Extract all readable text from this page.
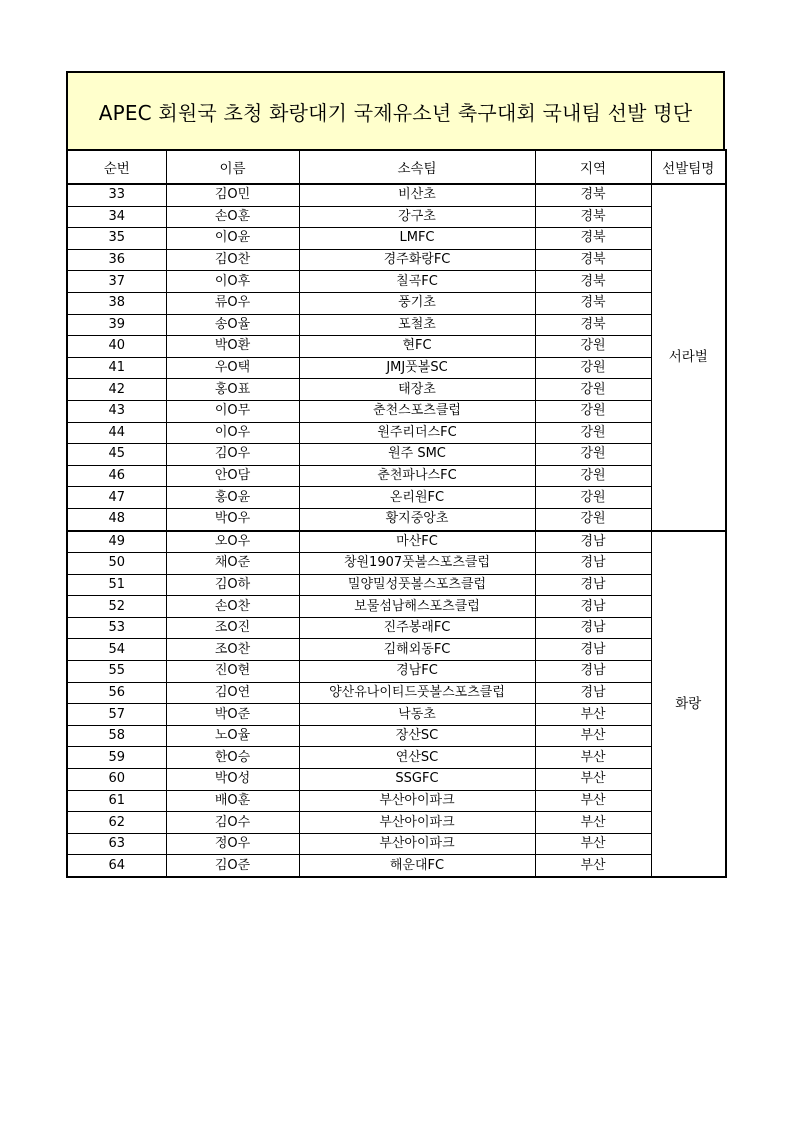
APEC 회원국 초청 화랑대기 국제유소년 축구대회 국내팀 선발 명단
순번	이름	소속팀	지역	선발팀명
33	김O민	비산초	경북	서라벌
34	손O훈	강구초	경북	
35	이O윤	LMFC	경북	
36	김O찬	경주화랑FC	경북	
37	이O후	칠곡FC	경북	
38	류O우	풍기초	경북	
39	송O율	포철초	경북	
40	박O환	현FC	강원	
41	우O택	JMJ풋볼SC	강원	
42	홍O표	태장초	강원	
43	이O무	춘천스포츠클럽	강원	
44	이O우	원주리더스FC	강원	
45	김O우	원주 SMC	강원	
46	안O담	춘천파나스FC	강원	
47	홍O윤	온리원FC	강원	
48	박O우	황지중앙초	강원	
49	오O우	마산FC	경남	화랑
50	채O준	창원1907풋볼스포츠클럽	경남	
51	김O하	밀양밀성풋볼스포츠클럽	경남	
52	손O찬	보물섬남해스포츠클럽	경남	
53	조O진	진주봉래FC	경남	
54	조O찬	김해외동FC	경남	
55	진O현	경남FC	경남	
56	김O연	양산유나이티드풋볼스포츠클럽	경남	
57	박O준	낙동초	부산	
58	노O율	장산SC	부산	
59	한O승	연산SC	부산	
60	박O성	SSGFC	부산	
61	배O훈	부산아이파크	부산	
62	김O수	부산아이파크	부산	
63	정O우	부산아이파크	부산	
64	김O준	해운대FC	부산	
